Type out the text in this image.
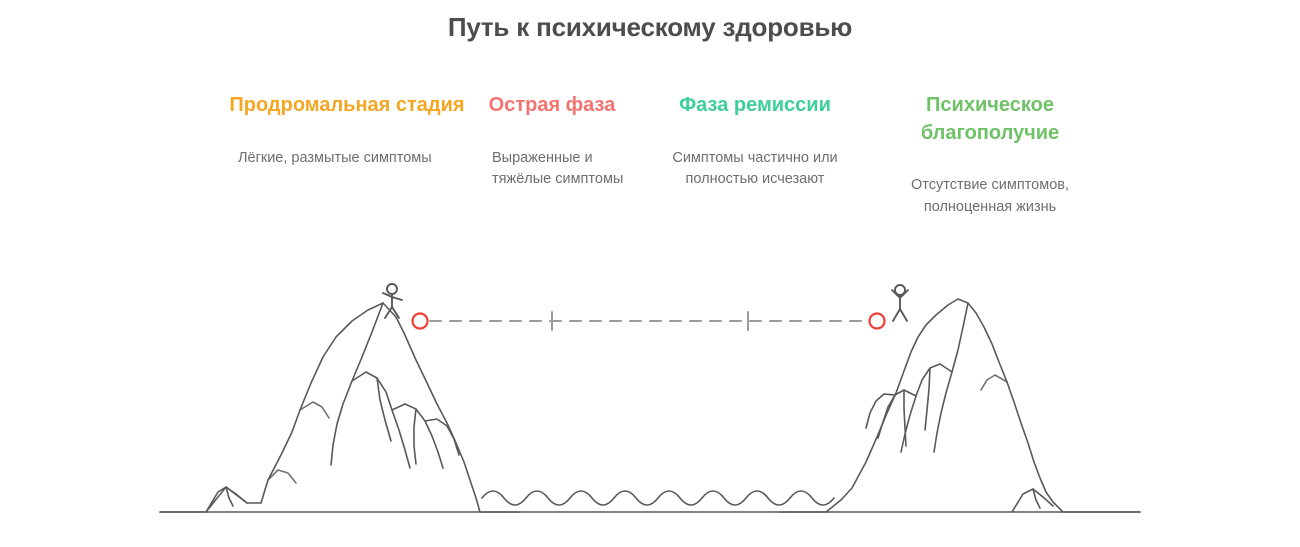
Путь к психическому здоровью
Продромальная стадия
Лёгкие, размытые симптомы
Острая фаза
Выраженные и тяжёлые симптомы
Фаза ремиссии
Симптомы частично или полностью исчезают
Психическое благополучие
Отсутствие симптомов, полноценная жизнь
